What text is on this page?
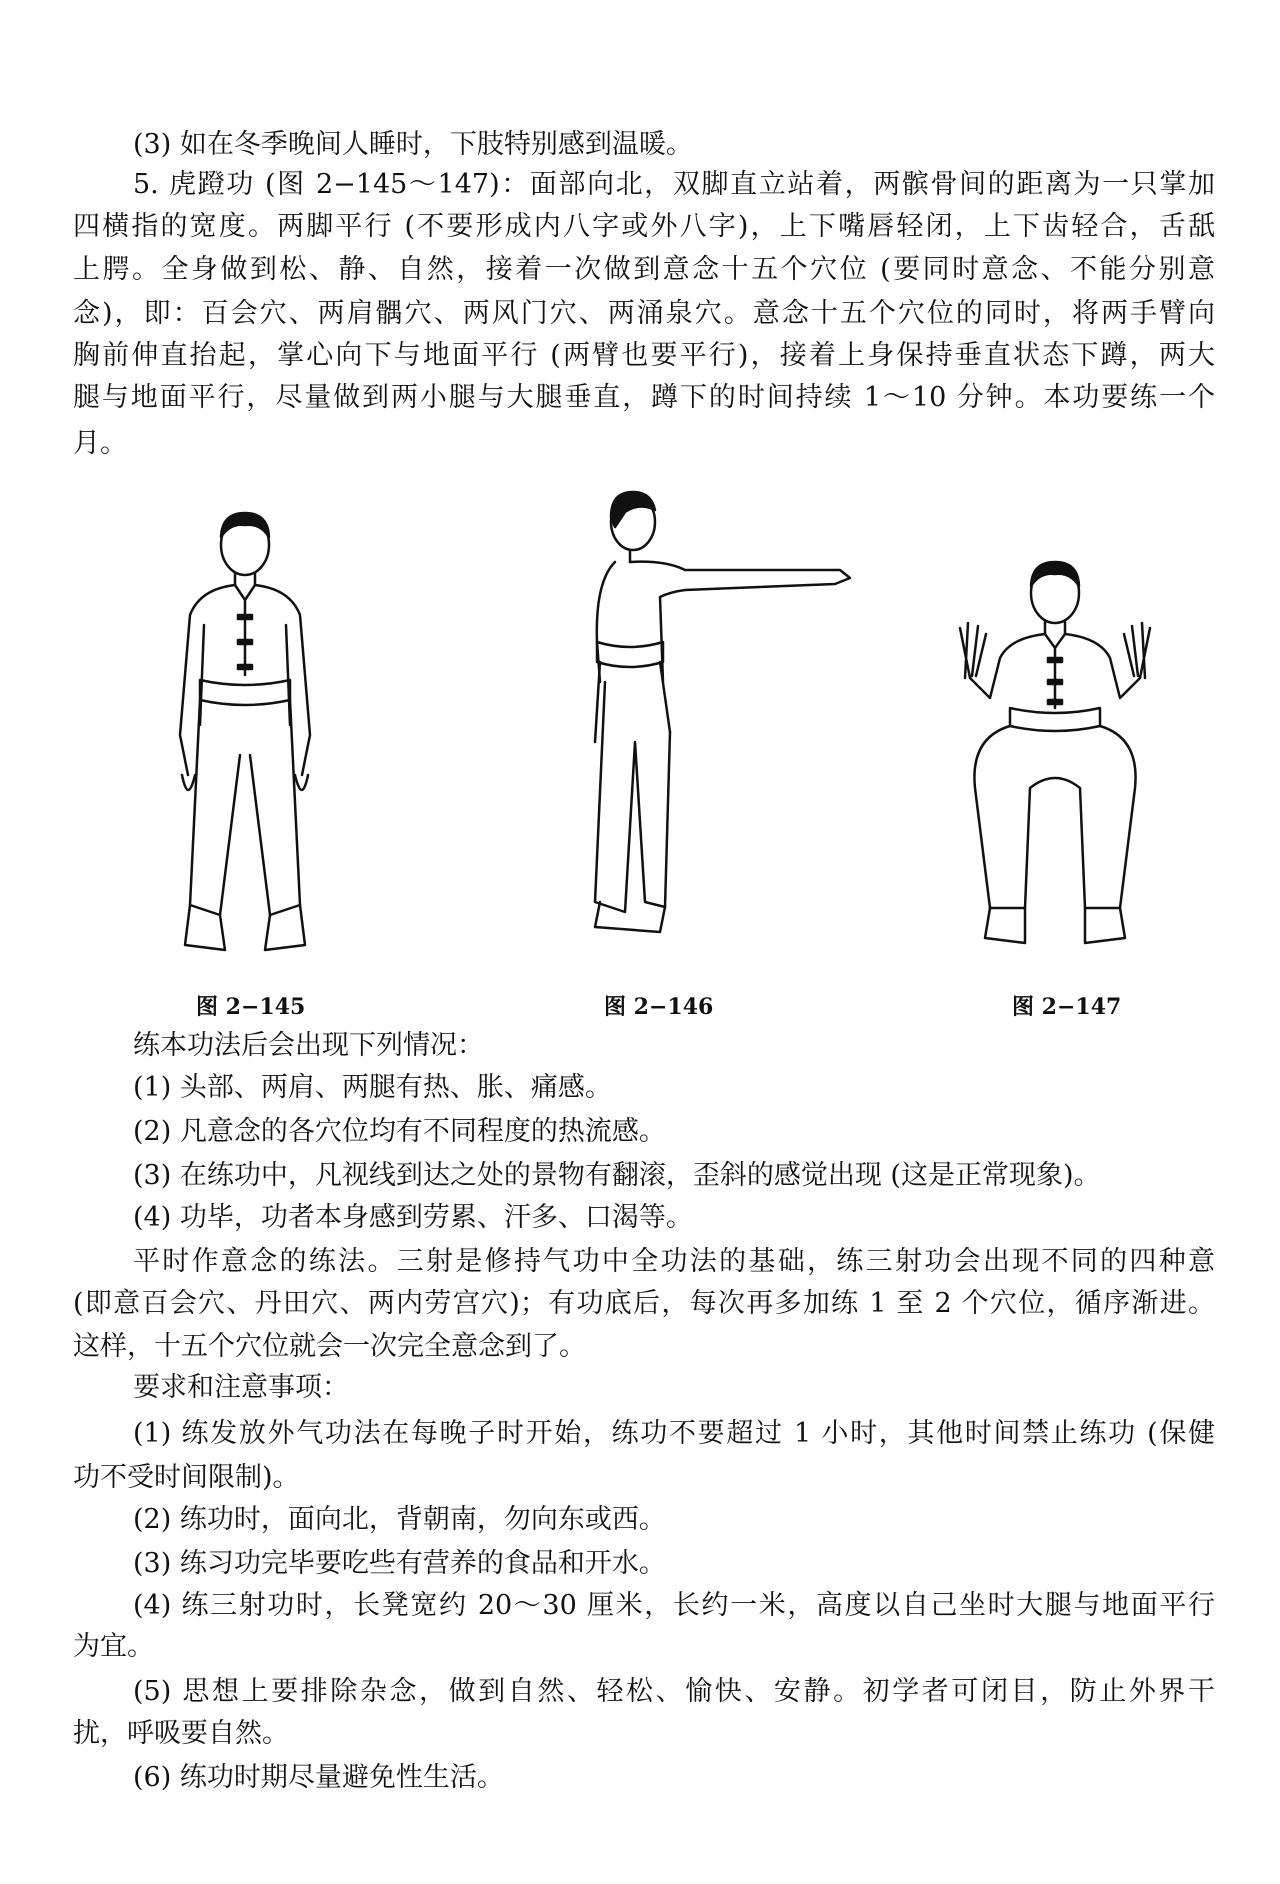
(3) 如在冬季晚间人睡时，下肢特别感到温暖。
5. 虎蹬功 (图 2−145～147)：面部向北，双脚直立站着，两髌骨间的距离为一只掌加
四横指的宽度。两脚平行 (不要形成内八字或外八字)，上下嘴唇轻闭，上下齿轻合，舌舐
上腭。全身做到松、静、自然，接着一次做到意念十五个穴位 (要同时意念、不能分别意
念)，即：百会穴、两肩髃穴、两风门穴、两涌泉穴。意念十五个穴位的同时，将两手臂向
胸前伸直抬起，掌心向下与地面平行 (两臂也要平行)，接着上身保持垂直状态下蹲，两大
腿与地面平行，尽量做到两小腿与大腿垂直，蹲下的时间持续 1～10 分钟。本功要练一个
月。
图 2−145	图 2−146	图 2−147
练本功法后会出现下列情况：
(1) 头部、两肩、两腿有热、胀、痛感。
(2) 凡意念的各穴位均有不同程度的热流感。
(3) 在练功中，凡视线到达之处的景物有翻滚，歪斜的感觉出现 (这是正常现象)。
(4) 功毕，功者本身感到劳累、汗多、口渴等。
平时作意念的练法。三射是修持气功中全功法的基础，练三射功会出现不同的四种意
(即意百会穴、丹田穴、两内劳宫穴)；有功底后，每次再多加练 1 至 2 个穴位，循序渐进。
这样，十五个穴位就会一次完全意念到了。
要求和注意事项：
(1) 练发放外气功法在每晚子时开始，练功不要超过 1 小时，其他时间禁止练功 (保健
功不受时间限制)。
(2) 练功时，面向北，背朝南，勿向东或西。
(3) 练习功完毕要吃些有营养的食品和开水。
(4) 练三射功时，长凳宽约 20～30 厘米，长约一米，高度以自己坐时大腿与地面平行
为宜。
(5) 思想上要排除杂念，做到自然、轻松、愉快、安静。初学者可闭目，防止外界干
扰，呼吸要自然。
(6) 练功时期尽量避免性生活。
